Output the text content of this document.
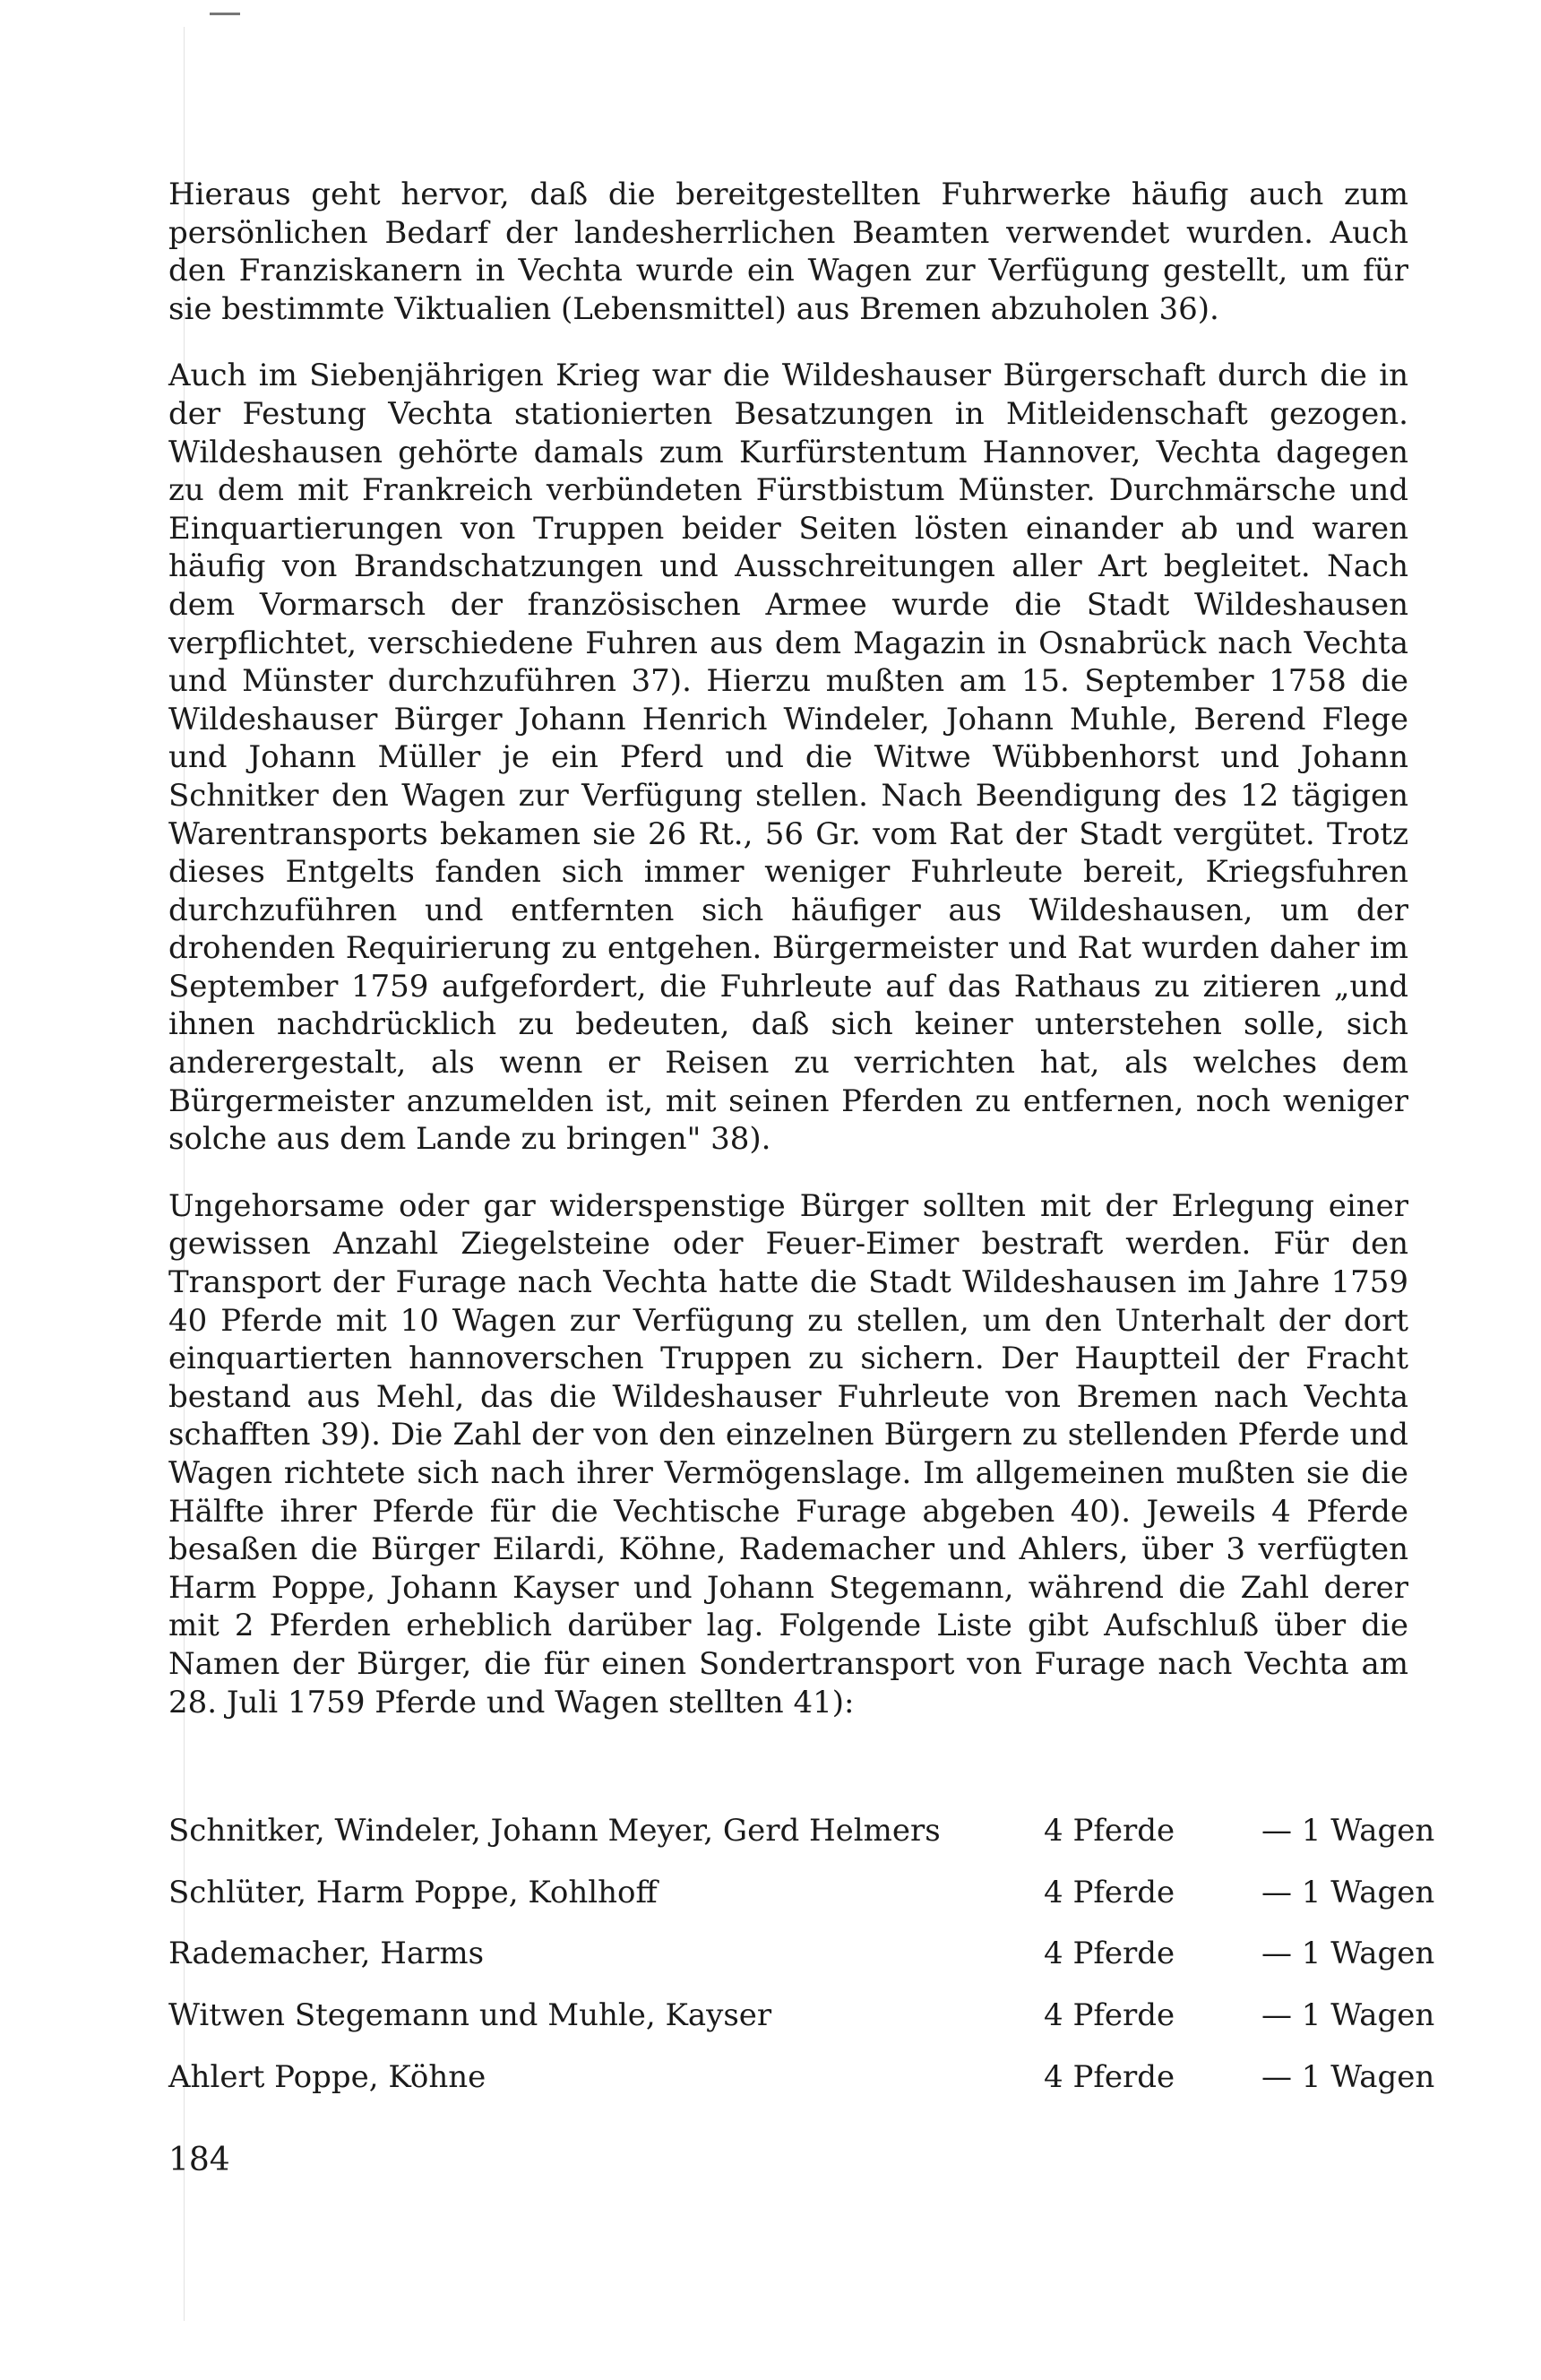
Hieraus geht hervor, daß die bereitgestellten Fuhrwerke häufig auch zum persönlichen Bedarf der landesherrlichen Beamten verwendet wurden. Auch den Franziskanern in Vechta wurde ein Wagen zur Verfügung gestellt, um für sie bestimmte Viktualien (Lebensmittel) aus Bremen abzuholen 36).

Auch im Siebenjährigen Krieg war die Wildeshauser Bürgerschaft durch die in der Festung Vechta stationierten Besatzungen in Mitleidenschaft gezogen. Wildeshausen gehörte damals zum Kurfürstentum Hannover, Vechta dagegen zu dem mit Frankreich verbündeten Fürstbistum Münster. Durchmärsche und Einquartierungen von Truppen beider Seiten lösten einander ab und waren häufig von Brandschatzungen und Ausschreitungen aller Art begleitet. Nach dem Vormarsch der französischen Armee wurde die Stadt Wildeshausen verpflichtet, verschiedene Fuhren aus dem Magazin in Osnabrück nach Vechta und Münster durchzuführen 37). Hierzu mußten am 15. September 1758 die Wildeshauser Bürger Johann Henrich Windeler, Johann Muhle, Berend Flege und Johann Müller je ein Pferd und die Witwe Wübbenhorst und Johann Schnitker den Wagen zur Verfügung stellen. Nach Beendigung des 12 tägigen Warentransports bekamen sie 26 Rt., 56 Gr. vom Rat der Stadt vergütet. Trotz dieses Entgelts fanden sich immer weniger Fuhrleute bereit, Kriegsfuhren durchzuführen und entfernten sich häufiger aus Wildeshausen, um der drohenden Requirierung zu entgehen. Bürgermeister und Rat wurden daher im September 1759 aufgefordert, die Fuhrleute auf das Rathaus zu zitieren „und ihnen nachdrücklich zu bedeuten, daß sich keiner unterstehen solle, sich anderergestalt, als wenn er Reisen zu verrichten hat, als welches dem Bürgermeister anzumelden ist, mit seinen Pferden zu entfernen, noch weniger solche aus dem Lande zu bringen" 38).

Ungehorsame oder gar widerspenstige Bürger sollten mit der Erlegung einer gewissen Anzahl Ziegelsteine oder Feuer-Eimer bestraft werden. Für den Transport der Furage nach Vechta hatte die Stadt Wildeshausen im Jahre 1759 40 Pferde mit 10 Wagen zur Verfügung zu stellen, um den Unterhalt der dort einquartierten hannoverschen Truppen zu sichern. Der Hauptteil der Fracht bestand aus Mehl, das die Wildeshauser Fuhrleute von Bremen nach Vechta schafften 39). Die Zahl der von den einzelnen Bürgern zu stellenden Pferde und Wagen richtete sich nach ihrer Vermögenslage. Im allgemeinen mußten sie die Hälfte ihrer Pferde für die Vechtische Furage abgeben 40). Jeweils 4 Pferde besaßen die Bürger Eilardi, Köhne, Rademacher und Ahlers, über 3 verfügten Harm Poppe, Johann Kayser und Johann Stegemann, während die Zahl derer mit 2 Pferden erheblich darüber lag. Folgende Liste gibt Aufschluß über die Namen der Bürger, die für einen Sondertransport von Furage nach Vechta am 28. Juli 1759 Pferde und Wagen stellten 41):

Schnitker, Windeler, Johann Meyer, Gerd Helmers	4 Pferde	— 1 Wagen
Schlüter, Harm Poppe, Kohlhoff	4 Pferde	— 1 Wagen
Rademacher, Harms	4 Pferde	— 1 Wagen
Witwen Stegemann und Muhle, Kayser	4 Pferde	— 1 Wagen
Ahlert Poppe, Köhne	4 Pferde	— 1 Wagen
184
